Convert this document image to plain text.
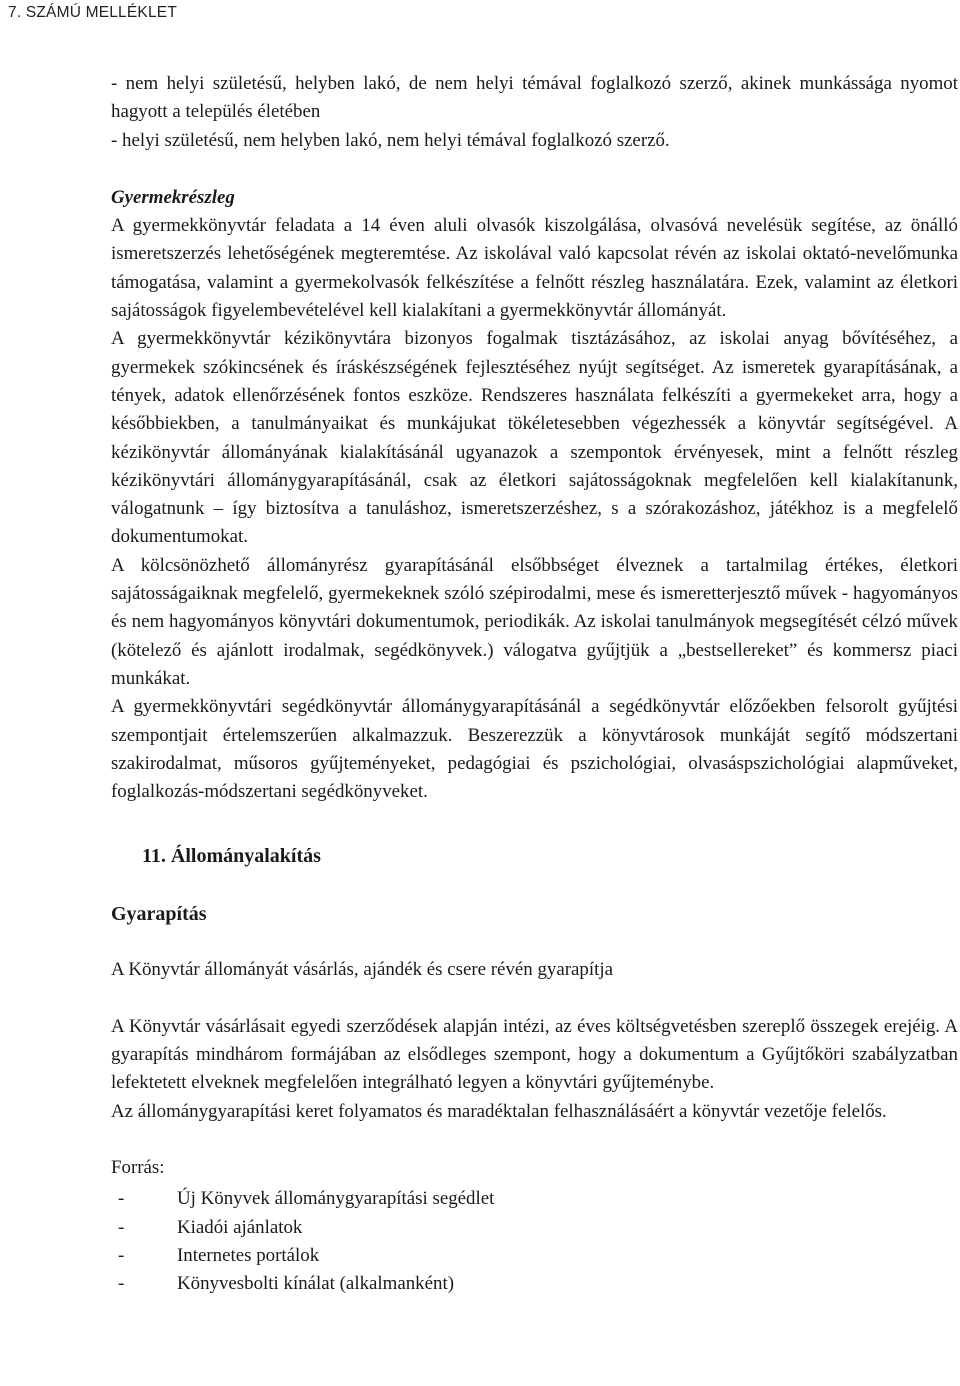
7. SZÁMÚ MELLÉKLET

- nem helyi születésű, helyben lakó, de nem helyi témával foglalkozó szerző, akinek munkássága nyomot hagyott a település életében

- helyi születésű, nem helyben lakó, nem helyi témával foglalkozó szerző.

Gyermekrészleg

A gyermekkönyvtár feladata a 14 éven aluli olvasók kiszolgálása, olvasóvá nevelésük segítése, az önálló ismeretszerzés lehetőségének megteremtése. Az iskolával való kapcsolat révén az iskolai oktató-nevelőmunka támogatása, valamint a gyermekolvasók felkészítése a felnőtt részleg használatára. Ezek, valamint az életkori sajátosságok figyelembevételével kell kialakítani a gyermekkönyvtár állományát.

A gyermekkönyvtár kézikönyvtára bizonyos fogalmak tisztázásához, az iskolai anyag bővítéséhez, a gyermekek szókincsének és íráskészségének fejlesztéséhez nyújt segítséget. Az ismeretek gyarapításának, a tények, adatok ellenőrzésének fontos eszköze. Rendszeres használata felkészíti a gyermekeket arra, hogy a későbbiekben, a tanulmányaikat és munkájukat tökéletesebben végezhessék a könyvtár segítségével. A kézikönyvtár állományának kialakításánál ugyanazok a szempontok érvényesek, mint a felnőtt részleg kézikönyvtári állománygyarapításánál, csak az életkori sajátosságoknak megfelelően kell kialakítanunk, válogatnunk – így biztosítva a tanuláshoz, ismeretszerzéshez, s a szórakozáshoz, játékhoz is a megfelelő dokumentumokat.

A kölcsönözhető állományrész gyarapításánál elsőbbséget élveznek a tartalmilag értékes, életkori sajátosságaiknak megfelelő, gyermekeknek szóló szépirodalmi, mese és ismeretterjesztő művek - hagyományos és nem hagyományos könyvtári dokumentumok, periodikák. Az iskolai tanulmányok megsegítését célzó művek (kötelező és ajánlott irodalmak, segédkönyvek.) válogatva gyűjtjük a „bestsellereket” és kommersz piaci munkákat.

A gyermekkönyvtári segédkönyvtár állománygyarapításánál a segédkönyvtár előzőekben felsorolt gyűjtési szempontjait értelemszerűen alkalmazzuk. Beszerezzük a könyvtárosok munkáját segítő módszertani szakirodalmat, műsoros gyűjteményeket, pedagógiai és pszichológiai, olvasáspszichológiai alapműveket, foglalkozás-módszertani segédkönyveket.

11. Állományalakítás
Gyarapítás

A Könyvtár állományát vásárlás, ajándék és csere révén gyarapítja

A Könyvtár vásárlásait egyedi szerződések alapján intézi, az éves költségvetésben szereplő összegek erejéig. A gyarapítás mindhárom formájában az elsődleges szempont, hogy a dokumentum a Gyűjtőköri szabályzatban lefektetett elveknek megfelelően integrálható legyen a könyvtári gyűjteménybe.

Az állománygyarapítási keret folyamatos és maradéktalan felhasználásáért a könyvtár vezetője felelős.

Forrás:

-	Új Könyvek állománygyarapítási segédlet
-	Kiadói ajánlatok
-	Internetes portálok
-	Könyvesbolti kínálat (alkalmanként)
